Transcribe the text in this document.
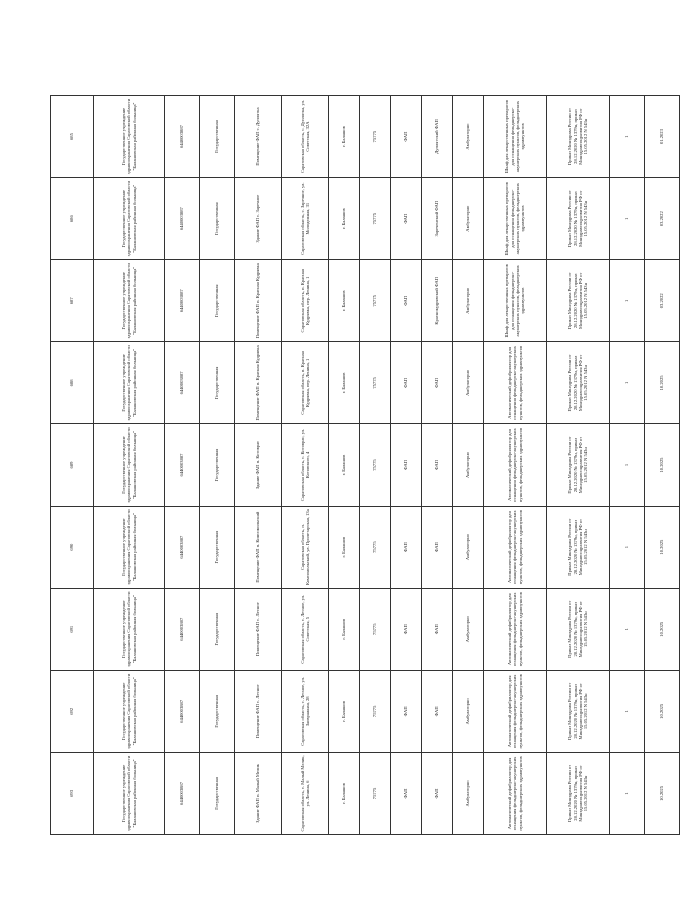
693	692	691	690	689	688	687	686	685
Государственное учреждение здравоохранения Саратовской области "Балашовская районная больница"	Государственное учреждение здравоохранения Саратовской области "Балашовская районная больница"	Государственное учреждение здравоохранения Саратовской области "Балашовская районная больница"	Государственное учреждение здравоохранения Саратовской области "Балашовская районная больница"	Государственное учреждение здравоохранения Саратовской области "Балашовская районная больница"	Государственное учреждение здравоохранения Саратовской области "Балашовская районная больница"	Государственное учреждение здравоохранения Саратовской области "Балашовская районная больница"	Государственное учреждение здравоохранения Саратовской области "Балашовская районная больница"	Государственное учреждение здравоохранения Саратовской области "Балашовская районная больница"
6440003887	6440003887	6440003887	6440003887	6440003887	6440003887	6440003887	6440003887	6440003887
Государственная	Государственная	Государственная	Государственная	Государственная	Государственная	Государственная	Государственная	Государственная
Здание ФАП п. Малый Мелик	Помещение ФАП с. Лесное	Помещение ФАП с. Лесное	Помещение ФАП п. Комсомольский	Здание ФАП п. Котоврас	Помещение ФАП п. Красная Кудрявка	Помещение ФАП п. Красная Кудрявка	Здание ФАП с. Заречное	Помещение ФАП с. Дуплятка
Саратовская область, с. Малый Мелик, ул. Ленина, 6	Саратовская область, с. Лесное, ул. Заовражная, 28	Саратовская область, с. Лесное, ул. Советская, 5	Саратовская область, п. Комсомольский, ул. Пролетарская, 13а	Саратовская область, с. Котоврас, ул. Котовского, 4	Саратовская область, п. Красная Кудрявка, пер. Ленина, 1	Саратовская область, п. Красная Кудрявка, пер. Ленина, 1	Саратовская область, с. Заречное, ул. Молодежная, 31	Саратовская область, с. Дуплятка, ул. Советская, 32А
г. Балашов	г. Балашов	г. Балашов	г. Балашов	г. Балашов	г. Балашов	г. Балашов	г. Балашов	г. Балашов
75775	75775	75775	75775	75775	75775	75775	75775	75775
ФАП	ФАП	ФАП	ФАП	ФАП	ФАП	ФАП	ФАП	ФАП
ФАП	ФАП	ФАП	ФАП	ФАП	ФАП	Краснокудрявский ФАП	Зареченский ФАП	Дуплятский ФАП
Амбулаторно	Амбулаторно	Амбулаторно	Амбулаторно	Амбулаторно	Амбулаторно	Амбулаторно	Амбулаторно	Амбулаторно
Автоматический дефибриллятор для оснащения фельдшерско-акушерских пунктов, фельдшерских здравпунктов	Автоматический дефибриллятор для оснащения фельдшерско-акушерских пунктов, фельдшерских здравпунктов	Автоматический дефибриллятор для оснащения фельдшерско-акушерских пунктов, фельдшерских здравпунктов	Автоматический дефибриллятор для оснащения фельдшерско-акушерских пунктов, фельдшерских здравпунктов	Автоматический дефибриллятор для оснащения фельдшерско-акушерских пунктов, фельдшерских здравпунктов	Автоматический дефибриллятор для оснащения фельдшерско-акушерских пунктов, фельдшерских здравпунктов	Шкаф для лекарственных препаратов для оснащения фельдшерско-акушерских пунктов, фельдшерских здравпунктов	Шкаф для лекарственных препаратов для оснащения фельдшерско-акушерских пунктов, фельдшерских здравпунктов	Шкаф для лекарственных препаратов для оснащения фельдшерско-акушерских пунктов, фельдшерских здравпунктов
Приказ Минздрава России от 28.12.2020 № 1379н, приказ Минздравсоцразвития РФ от 15.05.2012 N 543н	Приказ Минздрава России от 28.12.2020 № 1379н, приказ Минздравсоцразвития РФ от 15.05.2012 N 543н	Приказ Минздрава России от 28.12.2020 № 1379н, приказ Минздравсоцразвития РФ от 15.05.2012 N 543н	Приказ Минздрава России от 28.12.2020 № 1379н, приказ Минздравсоцразвития РФ от 15.05.2012 N 543н	Приказ Минздрава России от 28.12.2020 № 1379н, приказ Минздравсоцразвития РФ от 15.05.2012 N 543н	Приказ Минздрава России от 28.12.2020 № 1379н, приказ Минздравсоцразвития РФ от 15.05.2012 N 543н	Приказ Минздрава России от 28.12.2020 № 1379н, приказ Минздравсоцразвития РФ от 15.05.2012 N 543н	Приказ Минздрава России от 28.12.2020 № 1379н, приказ Минздравсоцразвития РФ от 15.05.2012 N 543н	Приказ Минздрава России от 28.12.2020 № 1379н, приказ Минздравсоцразвития РФ от 15.05.2012 N 543н
1	1	1	1	1	1	1	1	1
10.2025	10.2025	10.2025	10.2025	10.2025	10.2025	03.2022	03.2022	01.2023
